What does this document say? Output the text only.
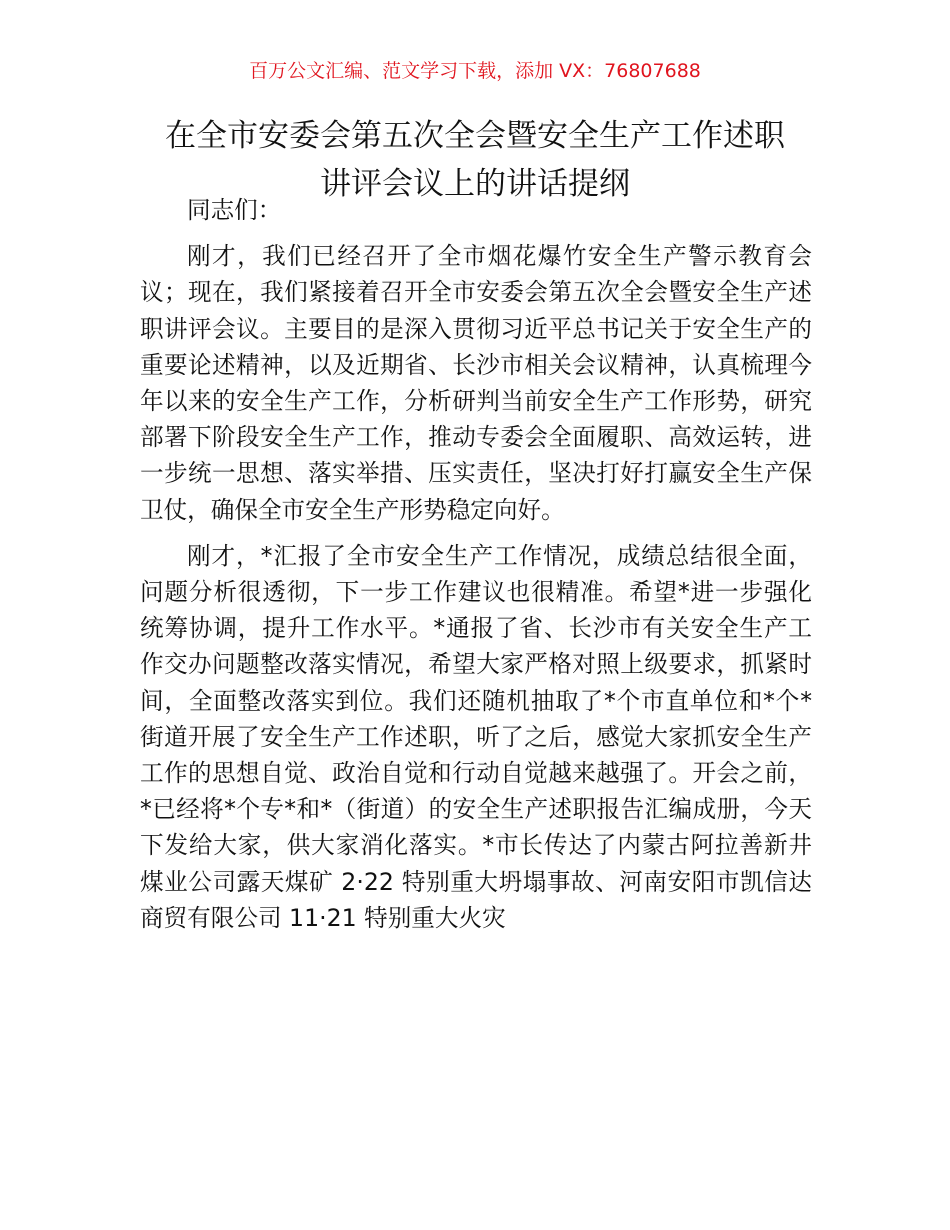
百万公文汇编、范文学习下载，添加 VX：76807688
在全市安委会第五次全会暨安全生产工作述职
讲评会议上的讲话提纲

同志们：

刚才，我们已经召开了全市烟花爆竹安全生产警示教育会议；现在，我们紧接着召开全市安委会第五次全会暨安全生产述职讲评会议。主要目的是深入贯彻习近平总书记关于安全生产的重要论述精神，以及近期省、长沙市相关会议精神，认真梳理今年以来的安全生产工作，分析研判当前安全生产工作形势，研究部署下阶段安全生产工作，推动专委会全面履职、高效运转，进一步统一思想、落实举措、压实责任，坚决打好打赢安全生产保卫仗，确保全市安全生产形势稳定向好。

刚才，*汇报了全市安全生产工作情况，成绩总结很全面，问题分析很透彻，下一步工作建议也很精准。希望*进一步强化统筹协调，提升工作水平。*通报了省、长沙市有关安全生产工作交办问题整改落实情况，希望大家严格对照上级要求，抓紧时间，全面整改落实到位。我们还随机抽取了*个市直单位和*个*街道开展了安全生产工作述职，听了之后，感觉大家抓安全生产工作的思想自觉、政治自觉和行动自觉越来越强了。开会之前，*已经将*个专*和*（街道）的安全生产述职报告汇编成册，今天下发给大家，供大家消化落实。*市长传达了内蒙古阿拉善新井煤业公司露天煤矿 2·22 特别重大坍塌事故、河南安阳市凯信达商贸有限公司 11·21 特别重大火灾
